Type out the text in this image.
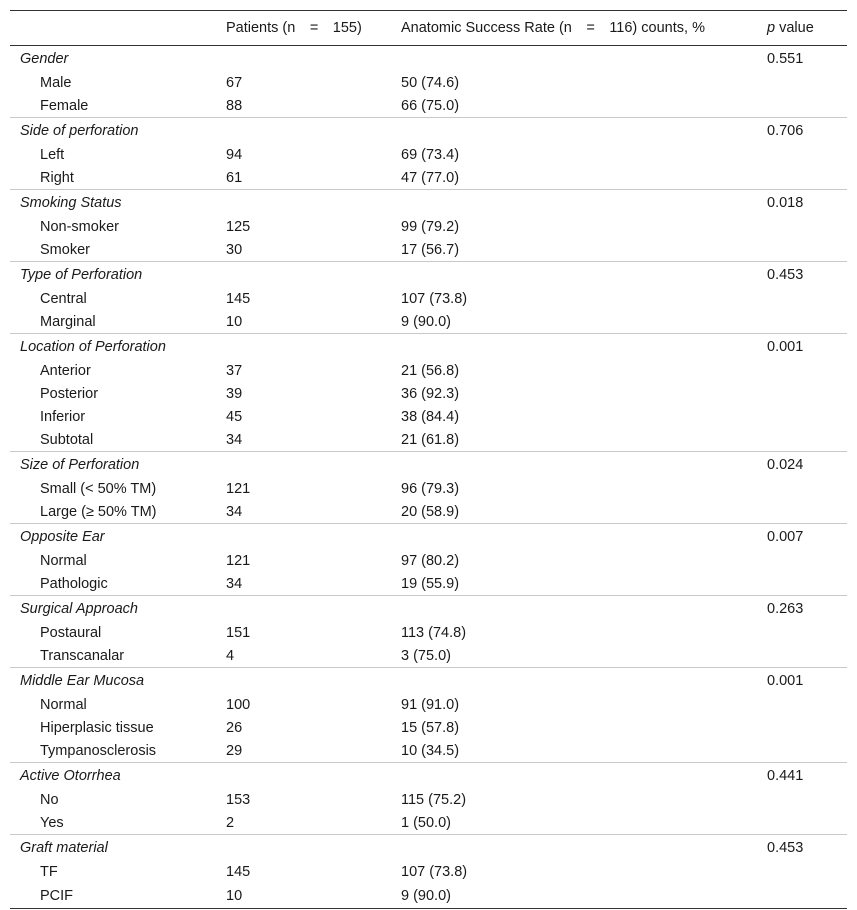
	Patients (n = 155)	Anatomic Success Rate (n = 116) counts, %	p value
Gender			0.551
Male	67	50 (74.6)	
Female	88	66 (75.0)	
Side of perforation			0.706
Left	94	69 (73.4)	
Right	61	47 (77.0)	
Smoking Status			0.018
Non-smoker	125	99 (79.2)	
Smoker	30	17 (56.7)	
Type of Perforation			0.453
Central	145	107 (73.8)	
Marginal	10	9 (90.0)	
Location of Perforation			0.001
Anterior	37	21 (56.8)	
Posterior	39	36 (92.3)	
Inferior	45	38 (84.4)	
Subtotal	34	21 (61.8)	
Size of Perforation			0.024
Small (< 50% TM)	121	96 (79.3)	
Large (≥ 50% TM)	34	20 (58.9)	
Opposite Ear			0.007
Normal	121	97 (80.2)	
Pathologic	34	19 (55.9)	
Surgical Approach			0.263
Postaural	151	113 (74.8)	
Transcanalar	4	3 (75.0)	
Middle Ear Mucosa			0.001
Normal	100	91 (91.0)	
Hiperplasic tissue	26	15 (57.8)	
Tympanosclerosis	29	10 (34.5)	
Active Otorrhea			0.441
No	153	115 (75.2)	
Yes	2	1 (50.0)	
Graft material			0.453
TF	145	107 (73.8)	
PCIF	10	9 (90.0)	
